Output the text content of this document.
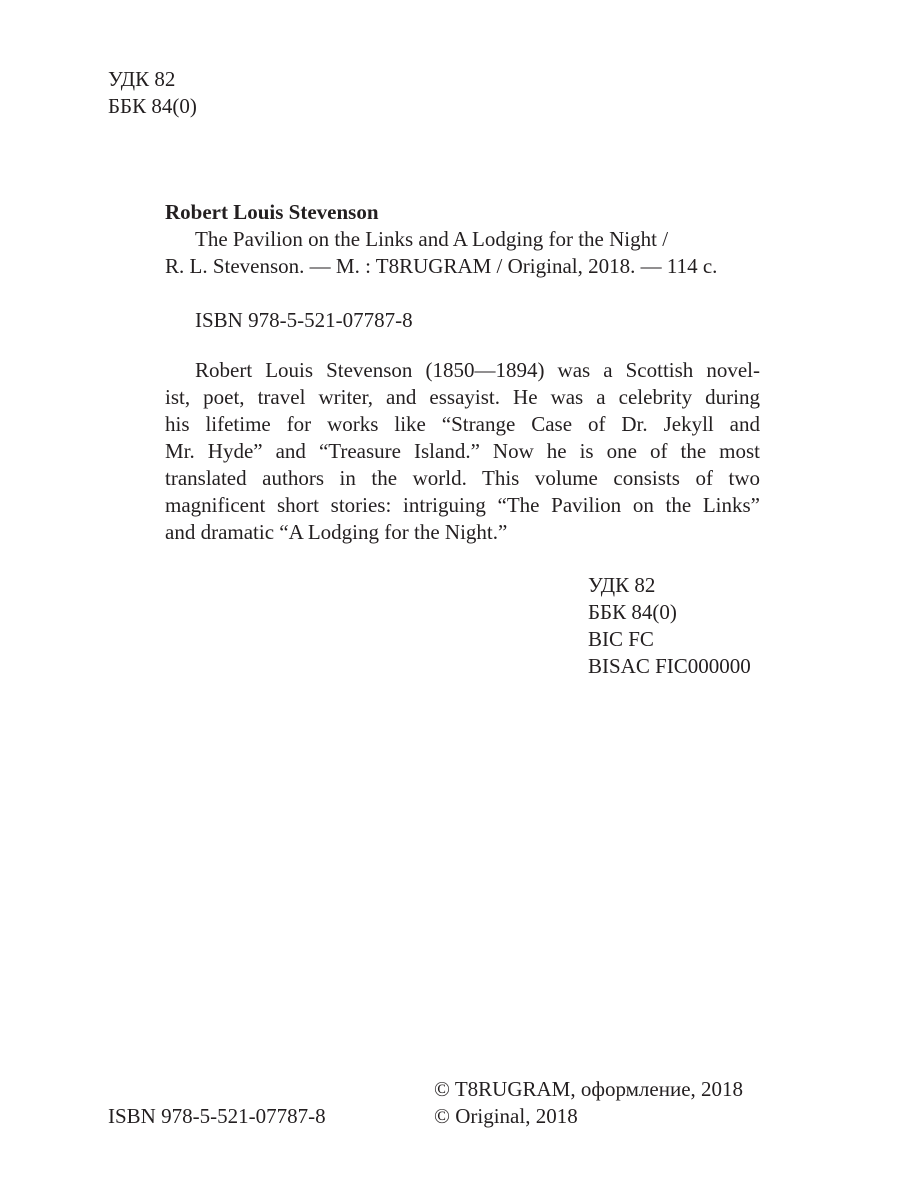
УДК 82
ББК 84(0)
Robert Louis Stevenson
The Pavilion on the Links and A Lodging for the Night /
R. L. Stevenson. — M. : T8RUGRAM / Original, 2018. — 114 c.
ISBN 978-5-521-07787-8
Robert Louis Stevenson (1850—1894) was a Scottish novel-
ist, poet, travel writer, and essayist. He was a celebrity during
his lifetime for works like “Strange Case of Dr. Jekyll and
Mr. Hyde” and “Treasure Island.” Now he is one of the most
translated authors in the world. This volume consists of two
magnificent short stories: intriguing “The Pavilion on the Links”
and dramatic “A Lodging for the Night.”
УДК 82
ББК 84(0)
BIC FC
BISAC FIC000000
© T8RUGRAM, оформление, 2018
© Original, 2018
ISBN 978-5-521-07787-8
